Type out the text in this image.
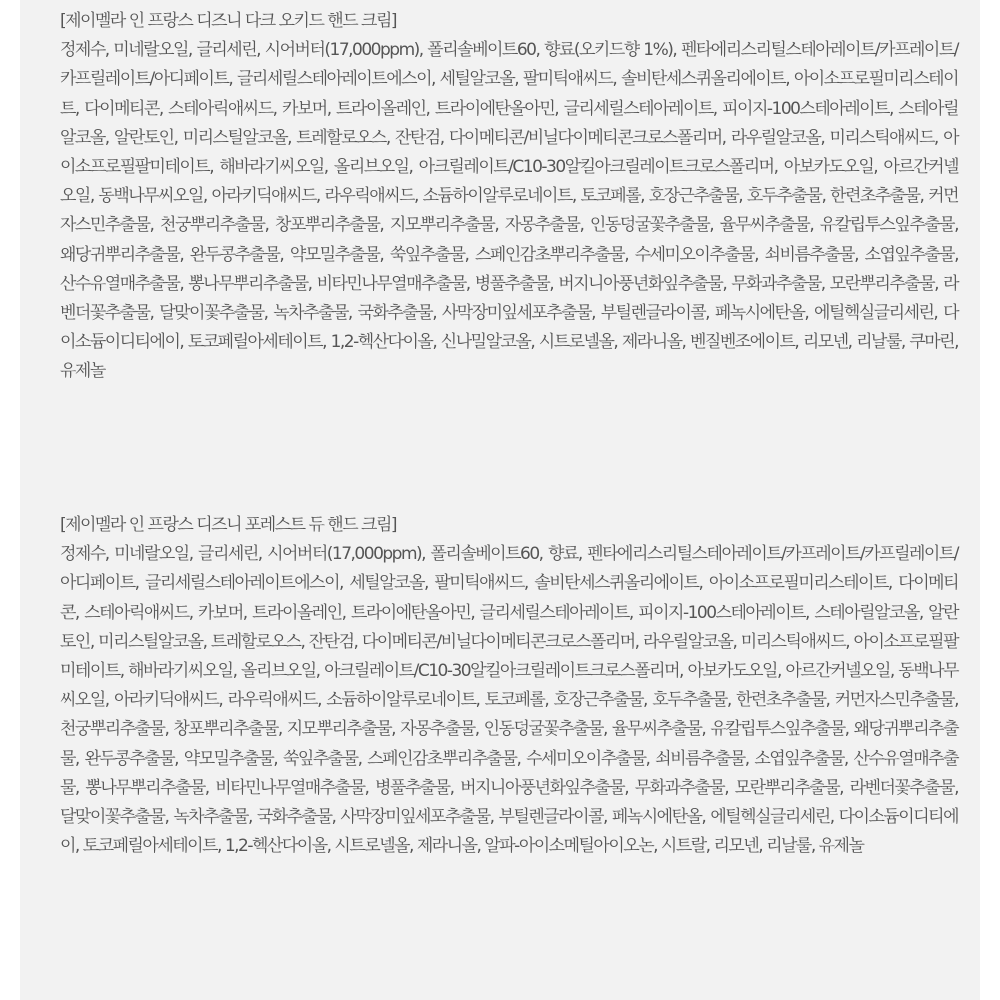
[제이멜라 인 프랑스 디즈니 다크 오키드 핸드 크림]
정제수, 미네랄오일, 글리세린, 시어버터(17,000ppm), 폴리솔베이트60, 향료(오키드향 1%), 펜타에리스리틸스테아레이트/카프레이트/카프릴레이트/아디페이트, 글리세릴스테아레이트에스이, 세틸알코올, 팔미틱애씨드, 솔비탄세스퀴올리에이트, 아이소프로필미리스테이트, 다이메티콘, 스테아릭애씨드, 카보머, 트라이올레인, 트라이에탄올아민, 글리세릴스테아레이트, 피이지-100스테아레이트, 스테아릴알코올, 알란토인, 미리스틸알코올, 트레할로오스, 잔탄검, 다이메티콘/비닐다이메티콘크로스폴리머, 라우릴알코올, 미리스틱애씨드, 아이소프로필팔미테이트, 해바라기씨오일, 올리브오일, 아크릴레이트/C10-30알킬아크릴레이트크로스폴리머, 아보카도오일, 아르간커넬오일, 동백나무씨오일, 아라키딕애씨드, 라우릭애씨드, 소듐하이알루로네이트, 토코페롤, 호장근추출물, 호두추출물, 한련초추출물, 커먼자스민추출물, 천궁뿌리추출물, 창포뿌리추출물, 지모뿌리추출물, 자몽추출물, 인동덩굴꽃추출물, 율무씨추출물, 유칼립투스잎추출물, 왜당귀뿌리추출물, 완두콩추출물, 약모밀추출물, 쑥잎추출물, 스페인감초뿌리추출물, 수세미오이추출물, 쇠비름추출물, 소엽잎추출물, 산수유열매추출물, 뽕나무뿌리추출물, 비타민나무열매추출물, 병풀추출물, 버지니아풍년화잎추출물, 무화과추출물, 모란뿌리추출물, 라벤더꽃추출물, 달맞이꽃추출물, 녹차추출물, 국화추출물, 사막장미잎세포추출물, 부틸렌글라이콜, 페녹시에탄올, 에틸헥실글리세린, 다이소듐이디티에이, 토코페릴아세테이트, 1,2-헥산다이올, 신나밀알코올, 시트로넬올, 제라니올, 벤질벤조에이트, 리모넨, 리날룰, 쿠마린, 유제놀
[제이멜라 인 프랑스 디즈니 포레스트 듀 핸드 크림]
정제수, 미네랄오일, 글리세린, 시어버터(17,000ppm), 폴리솔베이트60, 향료, 펜타에리스리틸스테아레이트/카프레이트/카프릴레이트/아디페이트, 글리세릴스테아레이트에스이, 세틸알코올, 팔미틱애씨드, 솔비탄세스퀴올리에이트, 아이소프로필미리스테이트, 다이메티콘, 스테아릭애씨드, 카보머, 트라이올레인, 트라이에탄올아민, 글리세릴스테아레이트, 피이지-100스테아레이트, 스테아릴알코올, 알란토인, 미리스틸알코올, 트레할로오스, 잔탄검, 다이메티콘/비닐다이메티콘크로스폴리머, 라우릴알코올, 미리스틱애씨드, 아이소프로필팔미테이트, 해바라기씨오일, 올리브오일, 아크릴레이트/C10-30알킬아크릴레이트크로스폴리머, 아보카도오일, 아르간커넬오일, 동백나무씨오일, 아라키딕애씨드, 라우릭애씨드, 소듐하이알루로네이트, 토코페롤, 호장근추출물, 호두추출물, 한련초추출물, 커먼자스민추출물, 천궁뿌리추출물, 창포뿌리추출물, 지모뿌리추출물, 자몽추출물, 인동덩굴꽃추출물, 율무씨추출물, 유칼립투스잎추출물, 왜당귀뿌리추출물, 완두콩추출물, 약모밀추출물, 쑥잎추출물, 스페인감초뿌리추출물, 수세미오이추출물, 쇠비름추출물, 소엽잎추출물, 산수유열매추출물, 뽕나무뿌리추출물, 비타민나무열매추출물, 병풀추출물, 버지니아풍년화잎추출물, 무화과추출물, 모란뿌리추출물, 라벤더꽃추출물, 달맞이꽃추출물, 녹차추출물, 국화추출물, 사막장미잎세포추출물, 부틸렌글라이콜, 페녹시에탄올, 에틸헥실글리세린, 다이소듐이디티에이, 토코페릴아세테이트, 1,2-헥산다이올, 시트로넬올, 제라니올, 알파-아이소메틸아이오논, 시트랄, 리모넨, 리날룰, 유제놀
